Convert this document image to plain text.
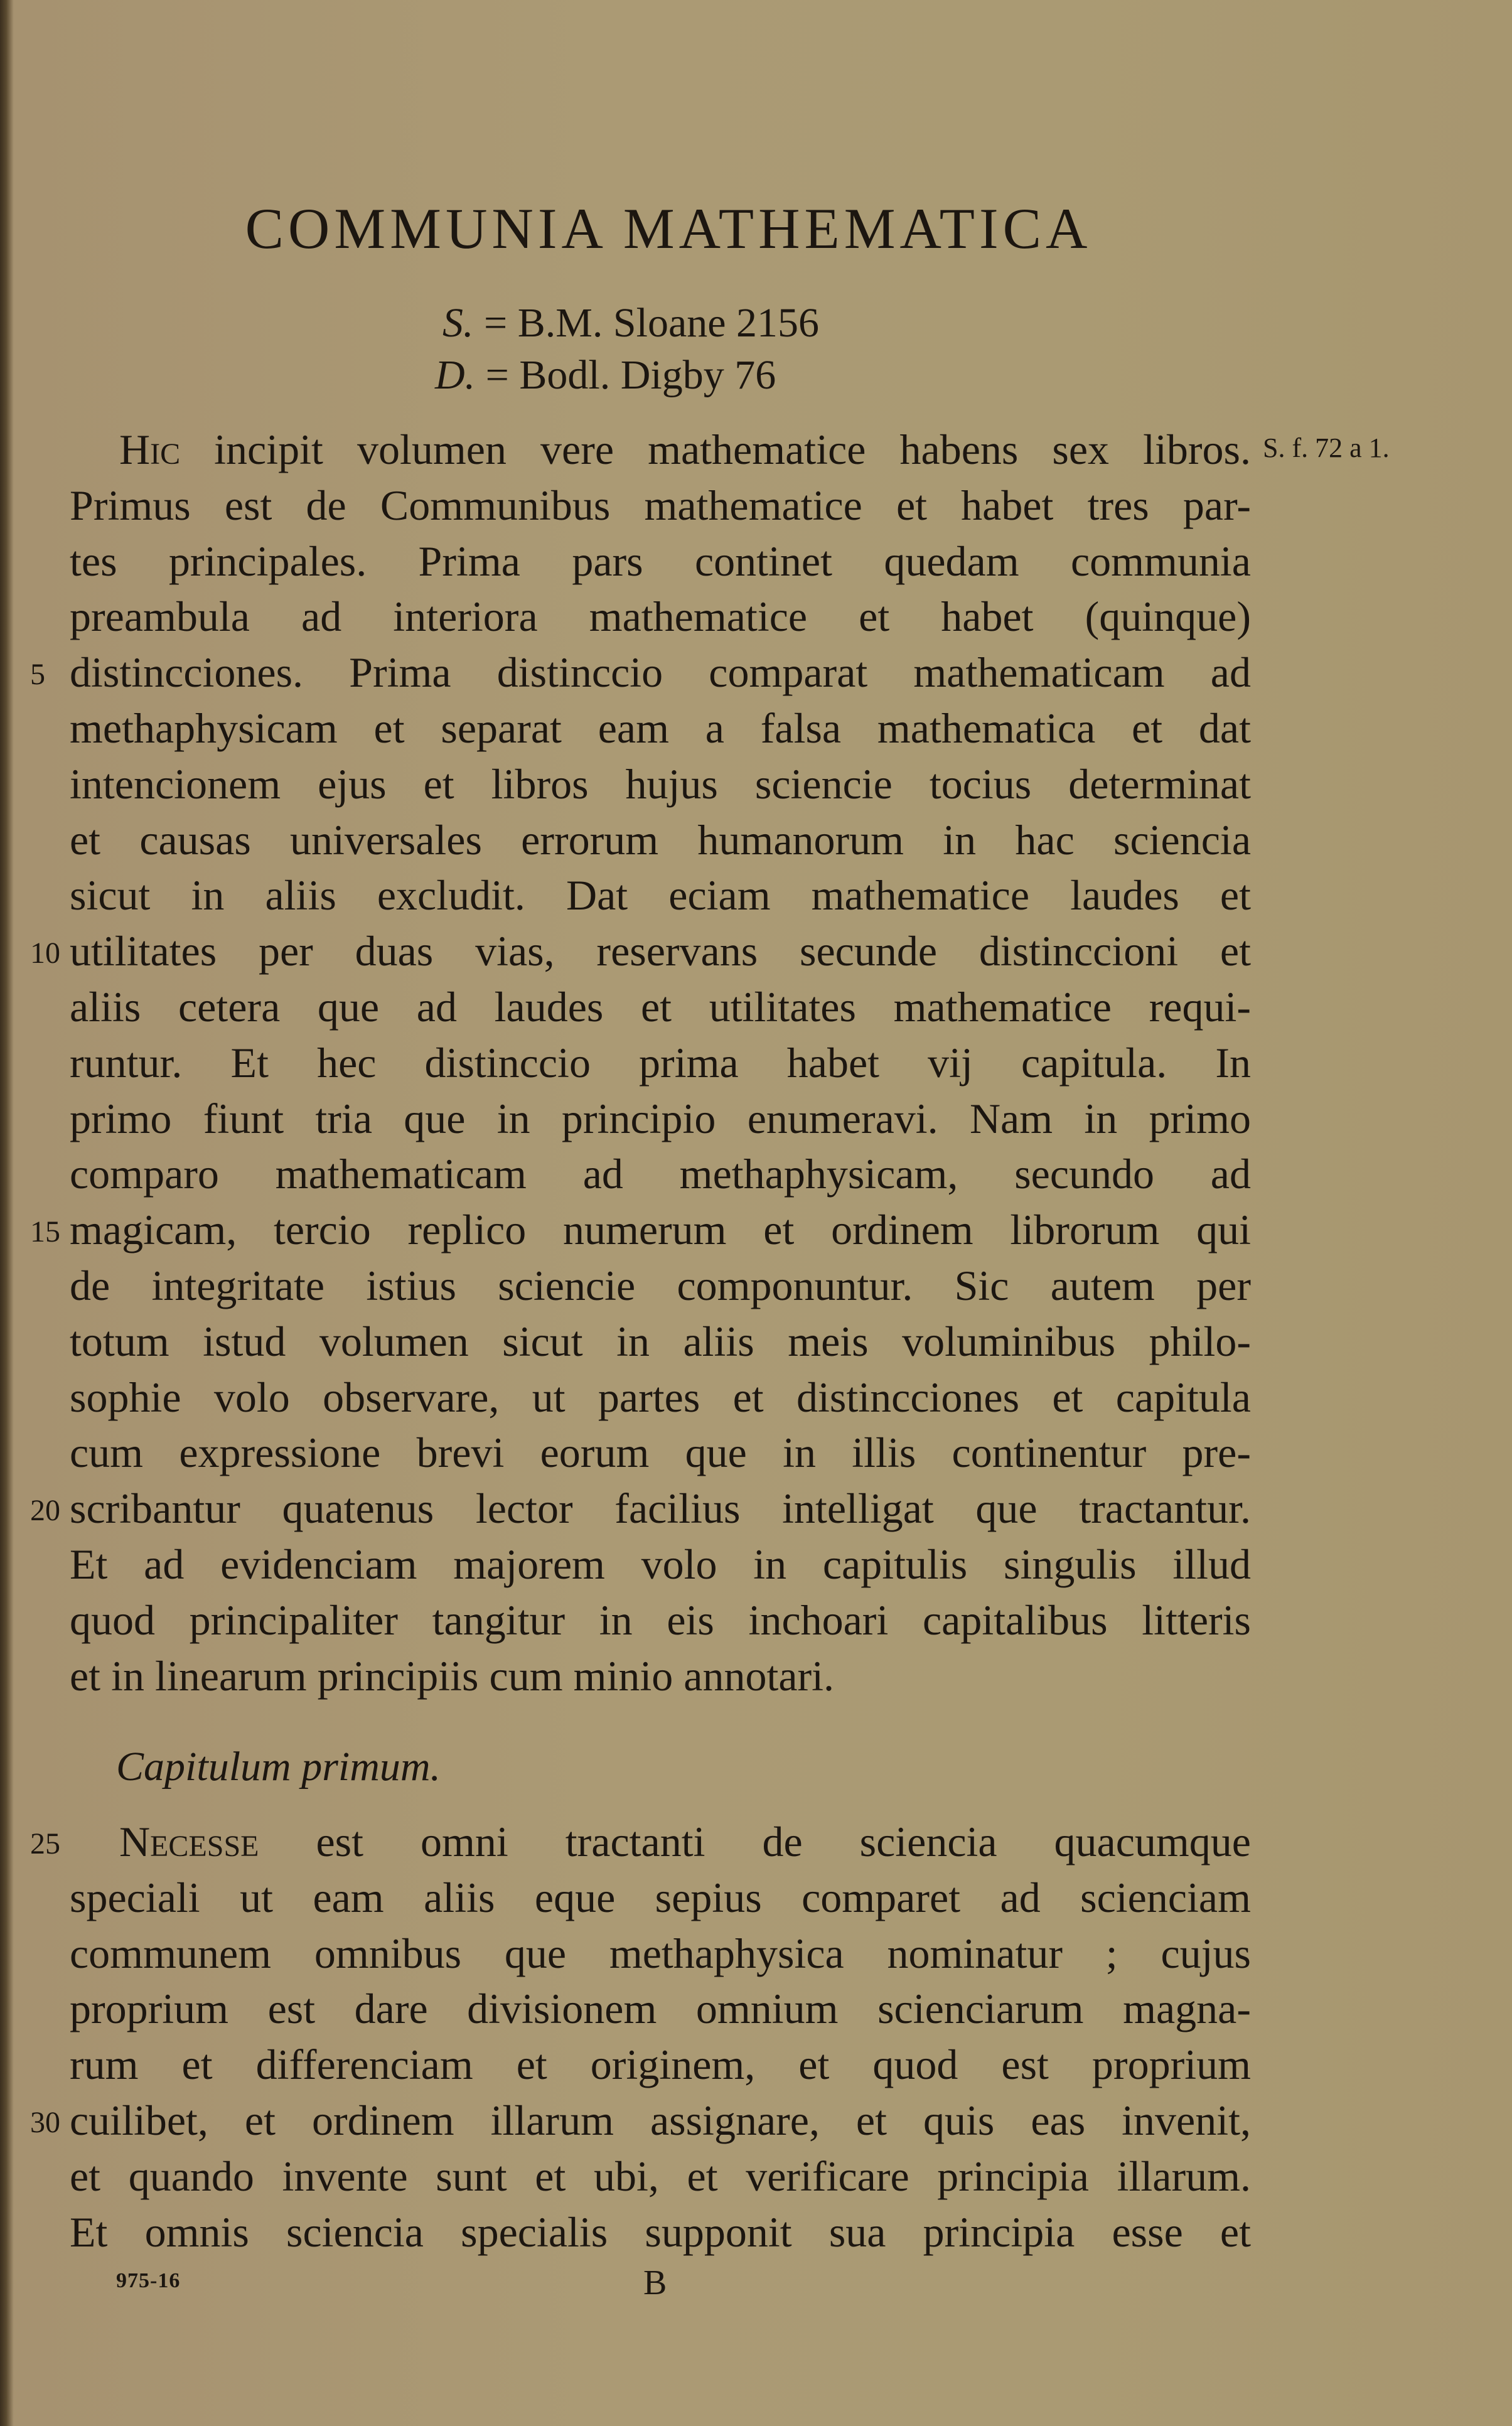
COMMUNIA MATHEMATICA
S. = B.M. Sloane 2156
D. = Bodl. Digby 76
S. f. 72 a 1.
Hic incipit volumen vere mathematice habens sex libros.
Primus est de Communibus mathematice et habet tres par-
tes principales. Prima pars continet quedam communia
preambula ad interiora mathematice et habet (quinque)
distincciones. Prima distinccio comparat mathematicam ad
5
methaphysicam et separat eam a falsa mathematica et dat
intencionem ejus et libros hujus sciencie tocius determinat
et causas universales errorum humanorum in hac sciencia
sicut in aliis excludit. Dat eciam mathematice laudes et
utilitates per duas vias, reservans secunde distinccioni et
10
aliis cetera que ad laudes et utilitates mathematice requi-
runtur. Et hec distinccio prima habet vij capitula. In
primo fiunt tria que in principio enumeravi. Nam in primo
comparo mathematicam ad methaphysicam, secundo ad
magicam, tercio replico numerum et ordinem librorum qui
15
de integritate istius sciencie componuntur. Sic autem per
totum istud volumen sicut in aliis meis voluminibus philo-
sophie volo observare, ut partes et distincciones et capitula
cum expressione brevi eorum que in illis continentur pre-
scribantur quatenus lector facilius intelligat que tractantur.
20
Et ad evidenciam majorem volo in capitulis singulis illud
quod principaliter tangitur in eis inchoari capitalibus litteris
et in linearum principiis cum minio annotari.
Necesse est omni tractanti de sciencia quacumque
25
speciali ut eam aliis eque sepius comparet ad scienciam
communem omnibus que methaphysica nominatur ; cujus
proprium est dare divisionem omnium scienciarum magna-
rum et differenciam et originem, et quod est proprium
cuilibet, et ordinem illarum assignare, et quis eas invenit,
30
et quando invente sunt et ubi, et verificare principia illarum.
Et omnis sciencia specialis supponit sua principia esse et
Capitulum primum.
975-16	B
